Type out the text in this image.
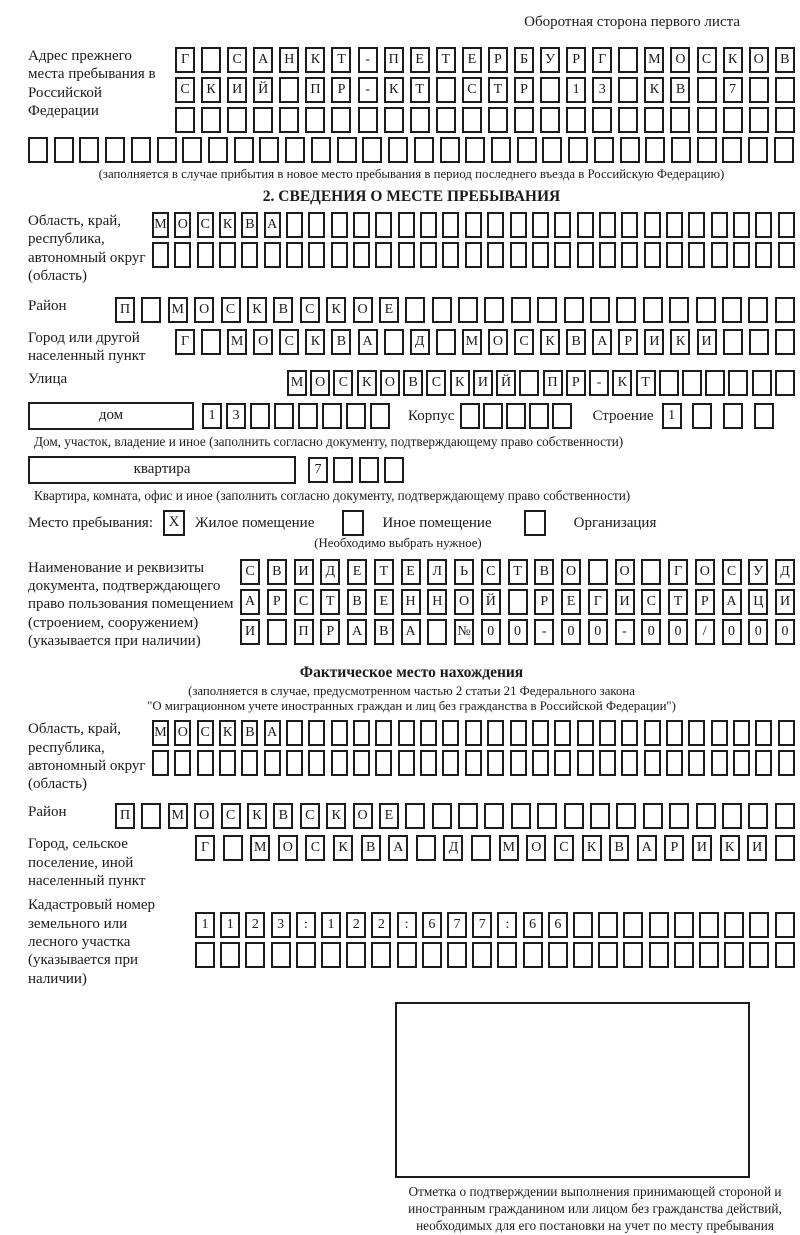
Оборотная сторона первого листа
Адрес прежнего места пребывания в Российской Федерации
Г	С	А	Н	К	Т	-	П	Е	Т	Е	Р	Б	У	Р	Г	М	О	С	К	О	В
С	К	И	Й	П	Р	-	К	Т	С	Т	Р	1	3	К	В	7
(заполняется в случае прибытия в новое место пребывания в период последнего въезда в Российскую Федерацию)
2. СВЕДЕНИЯ О МЕСТЕ ПРЕБЫВАНИЯ
Область, край, республика, автономный округ (область)
М О С К В А
Район	П	М	О	С	К	В	С	К	О	Е
Город или другой населенный пункт
Г	М	О	С	К	В	А	Д	М	О	С	К	В	А	Р	И	К	И
Улица	М О С К О В С К И Й	П	Р	-	К	Т
дом	1	3	Корпус	Строение	1
Дом, участок, владение и иное (заполнить согласно документу, подтверждающему право собственности)
квартира	7
Квартира, комната, офис и иное (заполнить согласно документу, подтверждающему право собственности)
Место пребывания:	X	Жилое помещение	Иное помещение	Организация
(Необходимо выбрать нужное)
Наименование и реквизиты документа, подтверждающего право пользования помещением (строением, сооружением) (указывается при наличии)
С	В	И	Д	Е	Т	Е	Л	Ь	С	Т	В	О	О	Г	О	С	У	Д
А	Р	С	Т	В	Е	Н	Н	О	Й	Р	Е	Г	И	С	Т	Р	А	Ц	И
И	П	Р	А	В	А	№	0	0	-	0	0	-	0	0	/	0	0	0
Фактическое место нахождения
(заполняется в случае, предусмотренном частью 2 статьи 21 Федерального закона
"О миграционном учете иностранных граждан и лиц без гражданства в Российской Федерации")
Область, край, республика, автономный округ (область)
М О С К В А
Район	П	М	О	С	К	В	С	К	О	Е
Город, сельское поселение, иной населенный пункт
Г	М	О	С	К	В	А	Д	М	О	С	К	В	А	Р	И	К	И
Кадастровый номер земельного или лесного участка (указывается при наличии)
1	1	2	3	:	1	2	2	:	6	7	7	:	6	6
Отметка о подтверждении выполнения принимающей стороной и иностранным гражданином или лицом без гражданства действий, необходимых для его постановки на учет по месту пребывания
